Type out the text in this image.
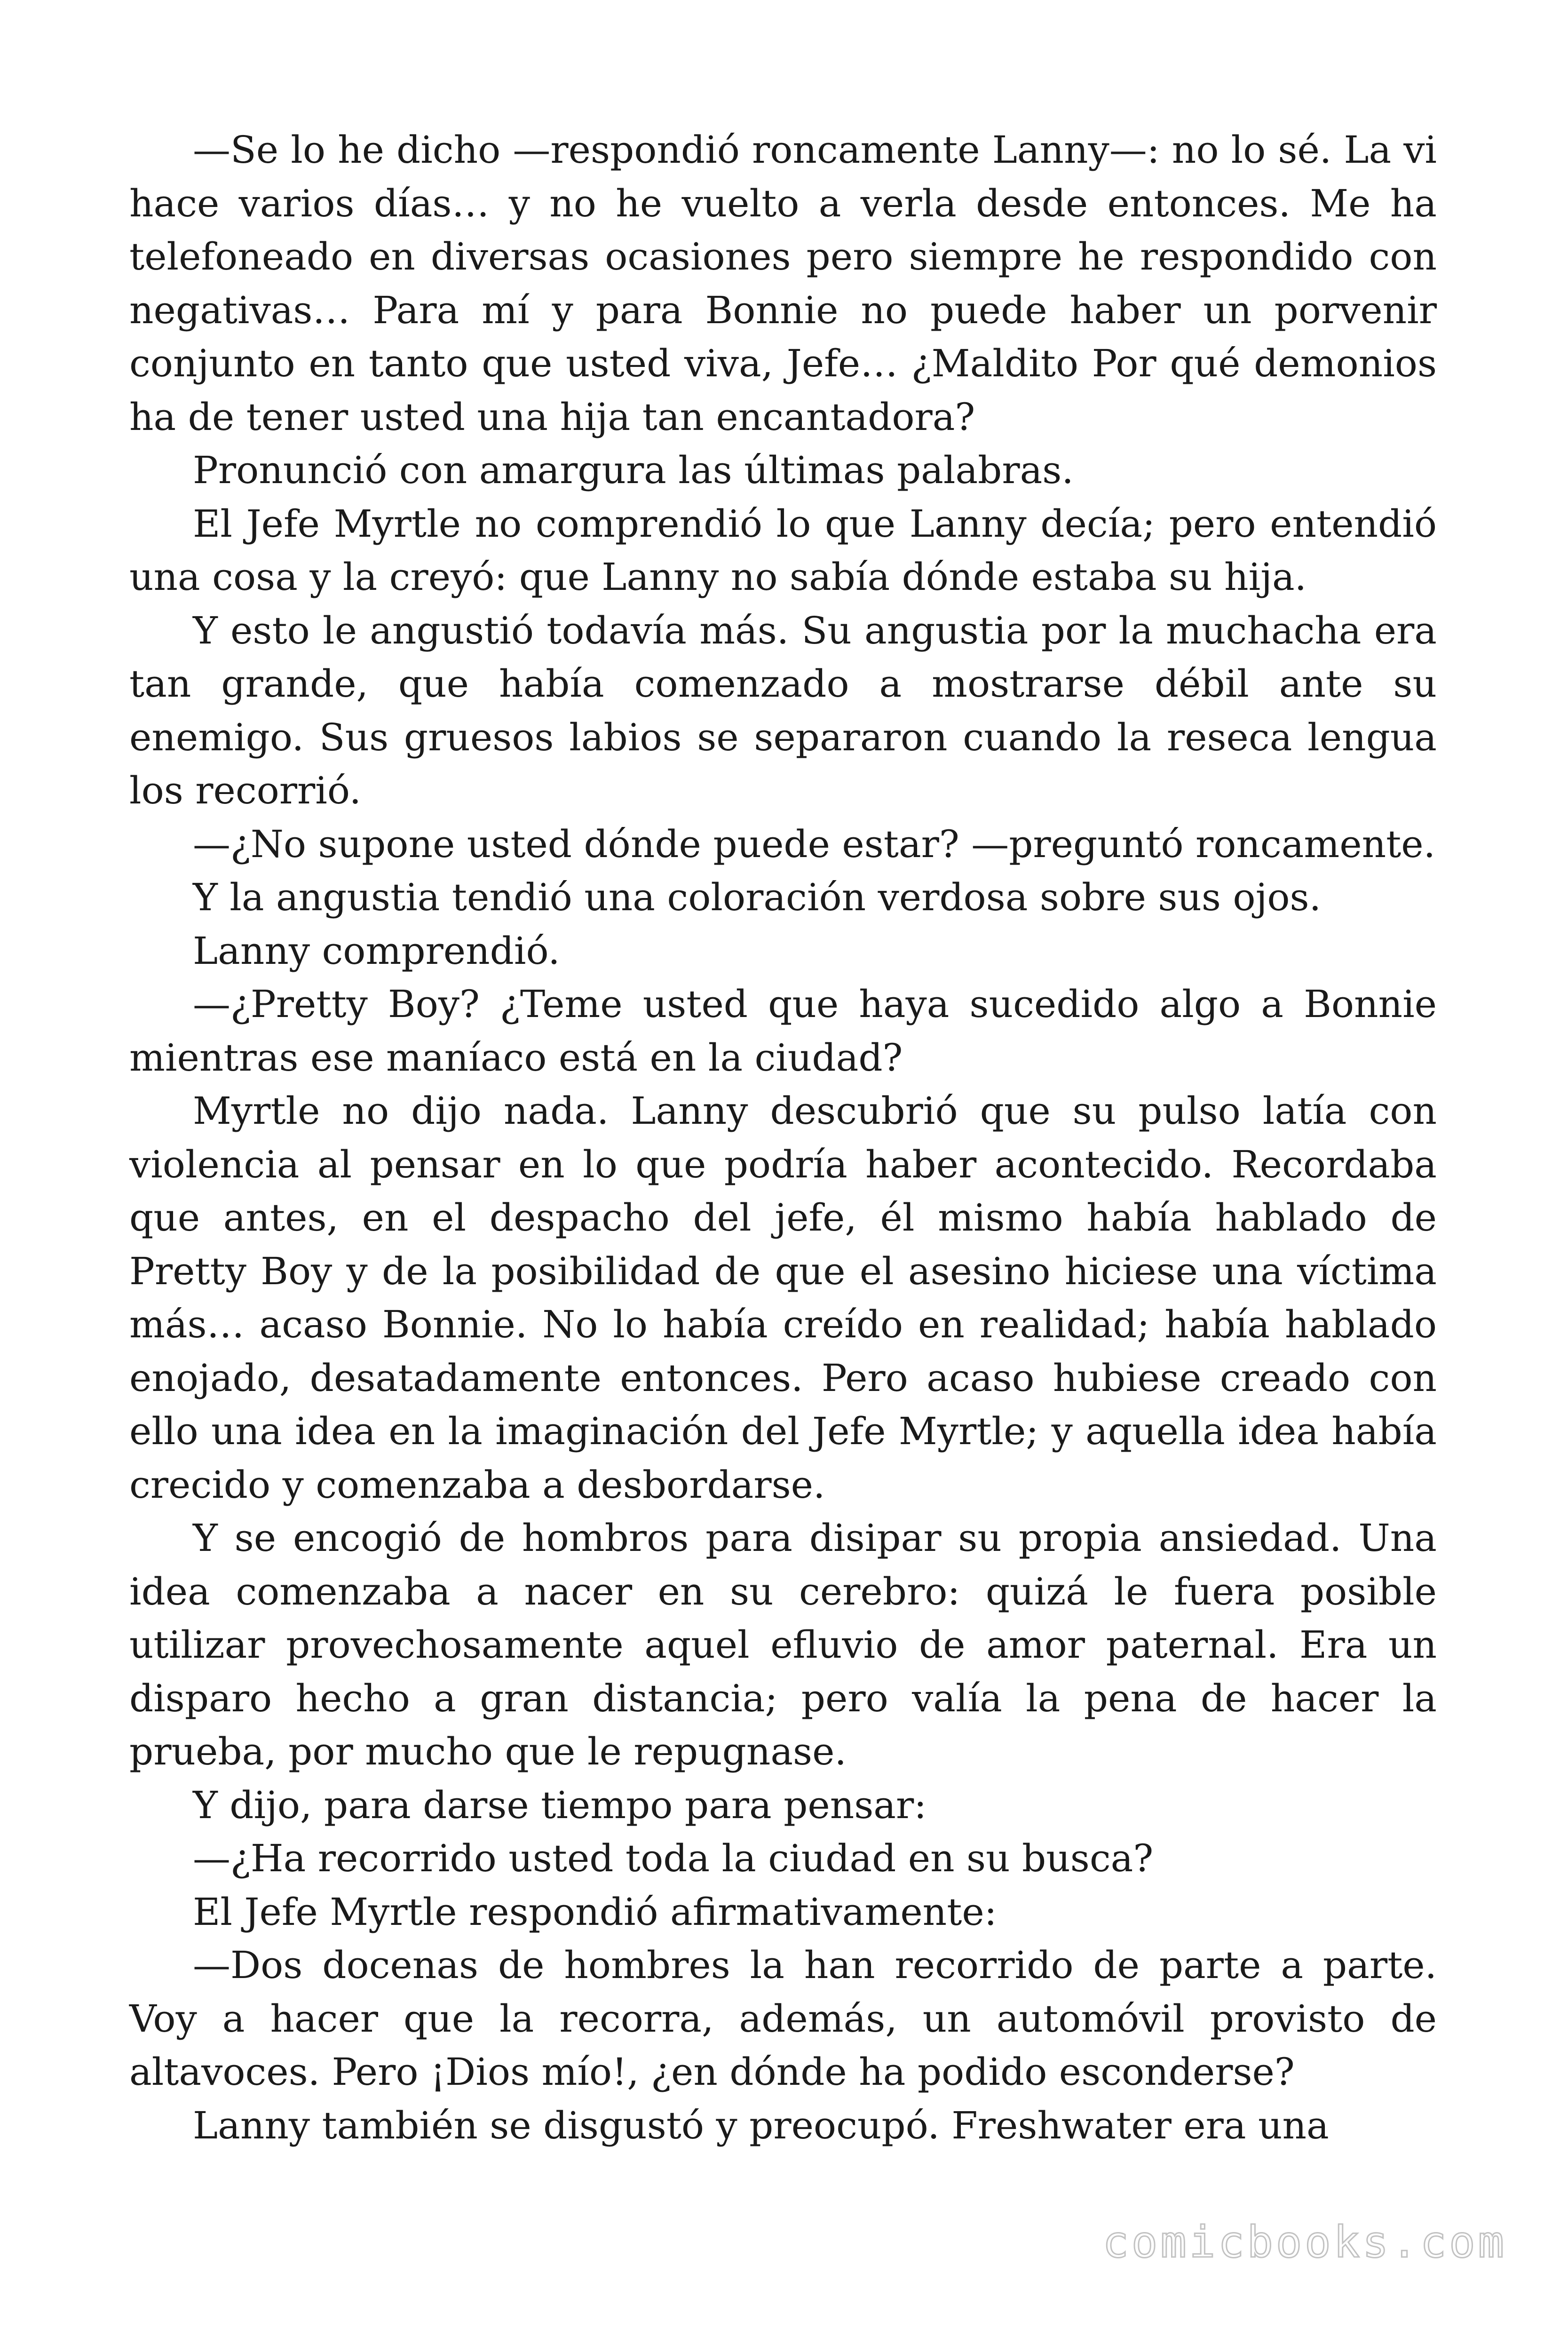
—Se lo he dicho —respondió roncamente Lanny—: no lo sé. La vi hace varios días… y no he vuelto a verla desde entonces. Me ha telefoneado en diversas ocasiones pero siempre he respondido con negativas… Para mí y para Bonnie no puede haber un porvenir conjunto en tanto que usted viva, Jefe… ¿Maldito Por qué demonios ha de tener usted una hija tan encantadora?

Pronunció con amargura las últimas palabras.

El Jefe Myrtle no comprendió lo que Lanny decía; pero entendió una cosa y la creyó: que Lanny no sabía dónde estaba su hija.

Y esto le angustió todavía más. Su angustia por la muchacha era tan grande, que había comenzado a mostrarse débil ante su enemigo. Sus gruesos labios se separaron cuando la reseca lengua los recorrió.

—¿No supone usted dónde puede estar? —preguntó roncamente.

Y la angustia tendió una coloración verdosa sobre sus ojos.

Lanny comprendió.

—¿Pretty Boy? ¿Teme usted que haya sucedido algo a Bonnie mientras ese maníaco está en la ciudad?

Myrtle no dijo nada. Lanny descubrió que su pulso latía con violencia al pensar en lo que podría haber acontecido. Recordaba que antes, en el despacho del jefe, él mismo había hablado de Pretty Boy y de la posibilidad de que el asesino hiciese una víctima más… acaso Bonnie. No lo había creído en realidad; había hablado enojado, desatadamente entonces. Pero acaso hubiese creado con ello una idea en la imaginación del Jefe Myrtle; y aquella idea había crecido y comenzaba a desbordarse.

Y se encogió de hombros para disipar su propia ansiedad. Una idea comenzaba a nacer en su cerebro: quizá le fuera posible utilizar provechosamente aquel efluvio de amor paternal. Era un disparo hecho a gran distancia; pero valía la pena de hacer la prueba, por mucho que le repugnase.

Y dijo, para darse tiempo para pensar:

—¿Ha recorrido usted toda la ciudad en su busca?

El Jefe Myrtle respondió afirmativamente:

—Dos docenas de hombres la han recorrido de parte a parte. Voy a hacer que la recorra, además, un automóvil provisto de altavoces. Pero ¡Dios mío!, ¿en dónde ha podido esconderse?

Lanny también se disgustó y preocupó. Freshwater era una

comicbooks.com
